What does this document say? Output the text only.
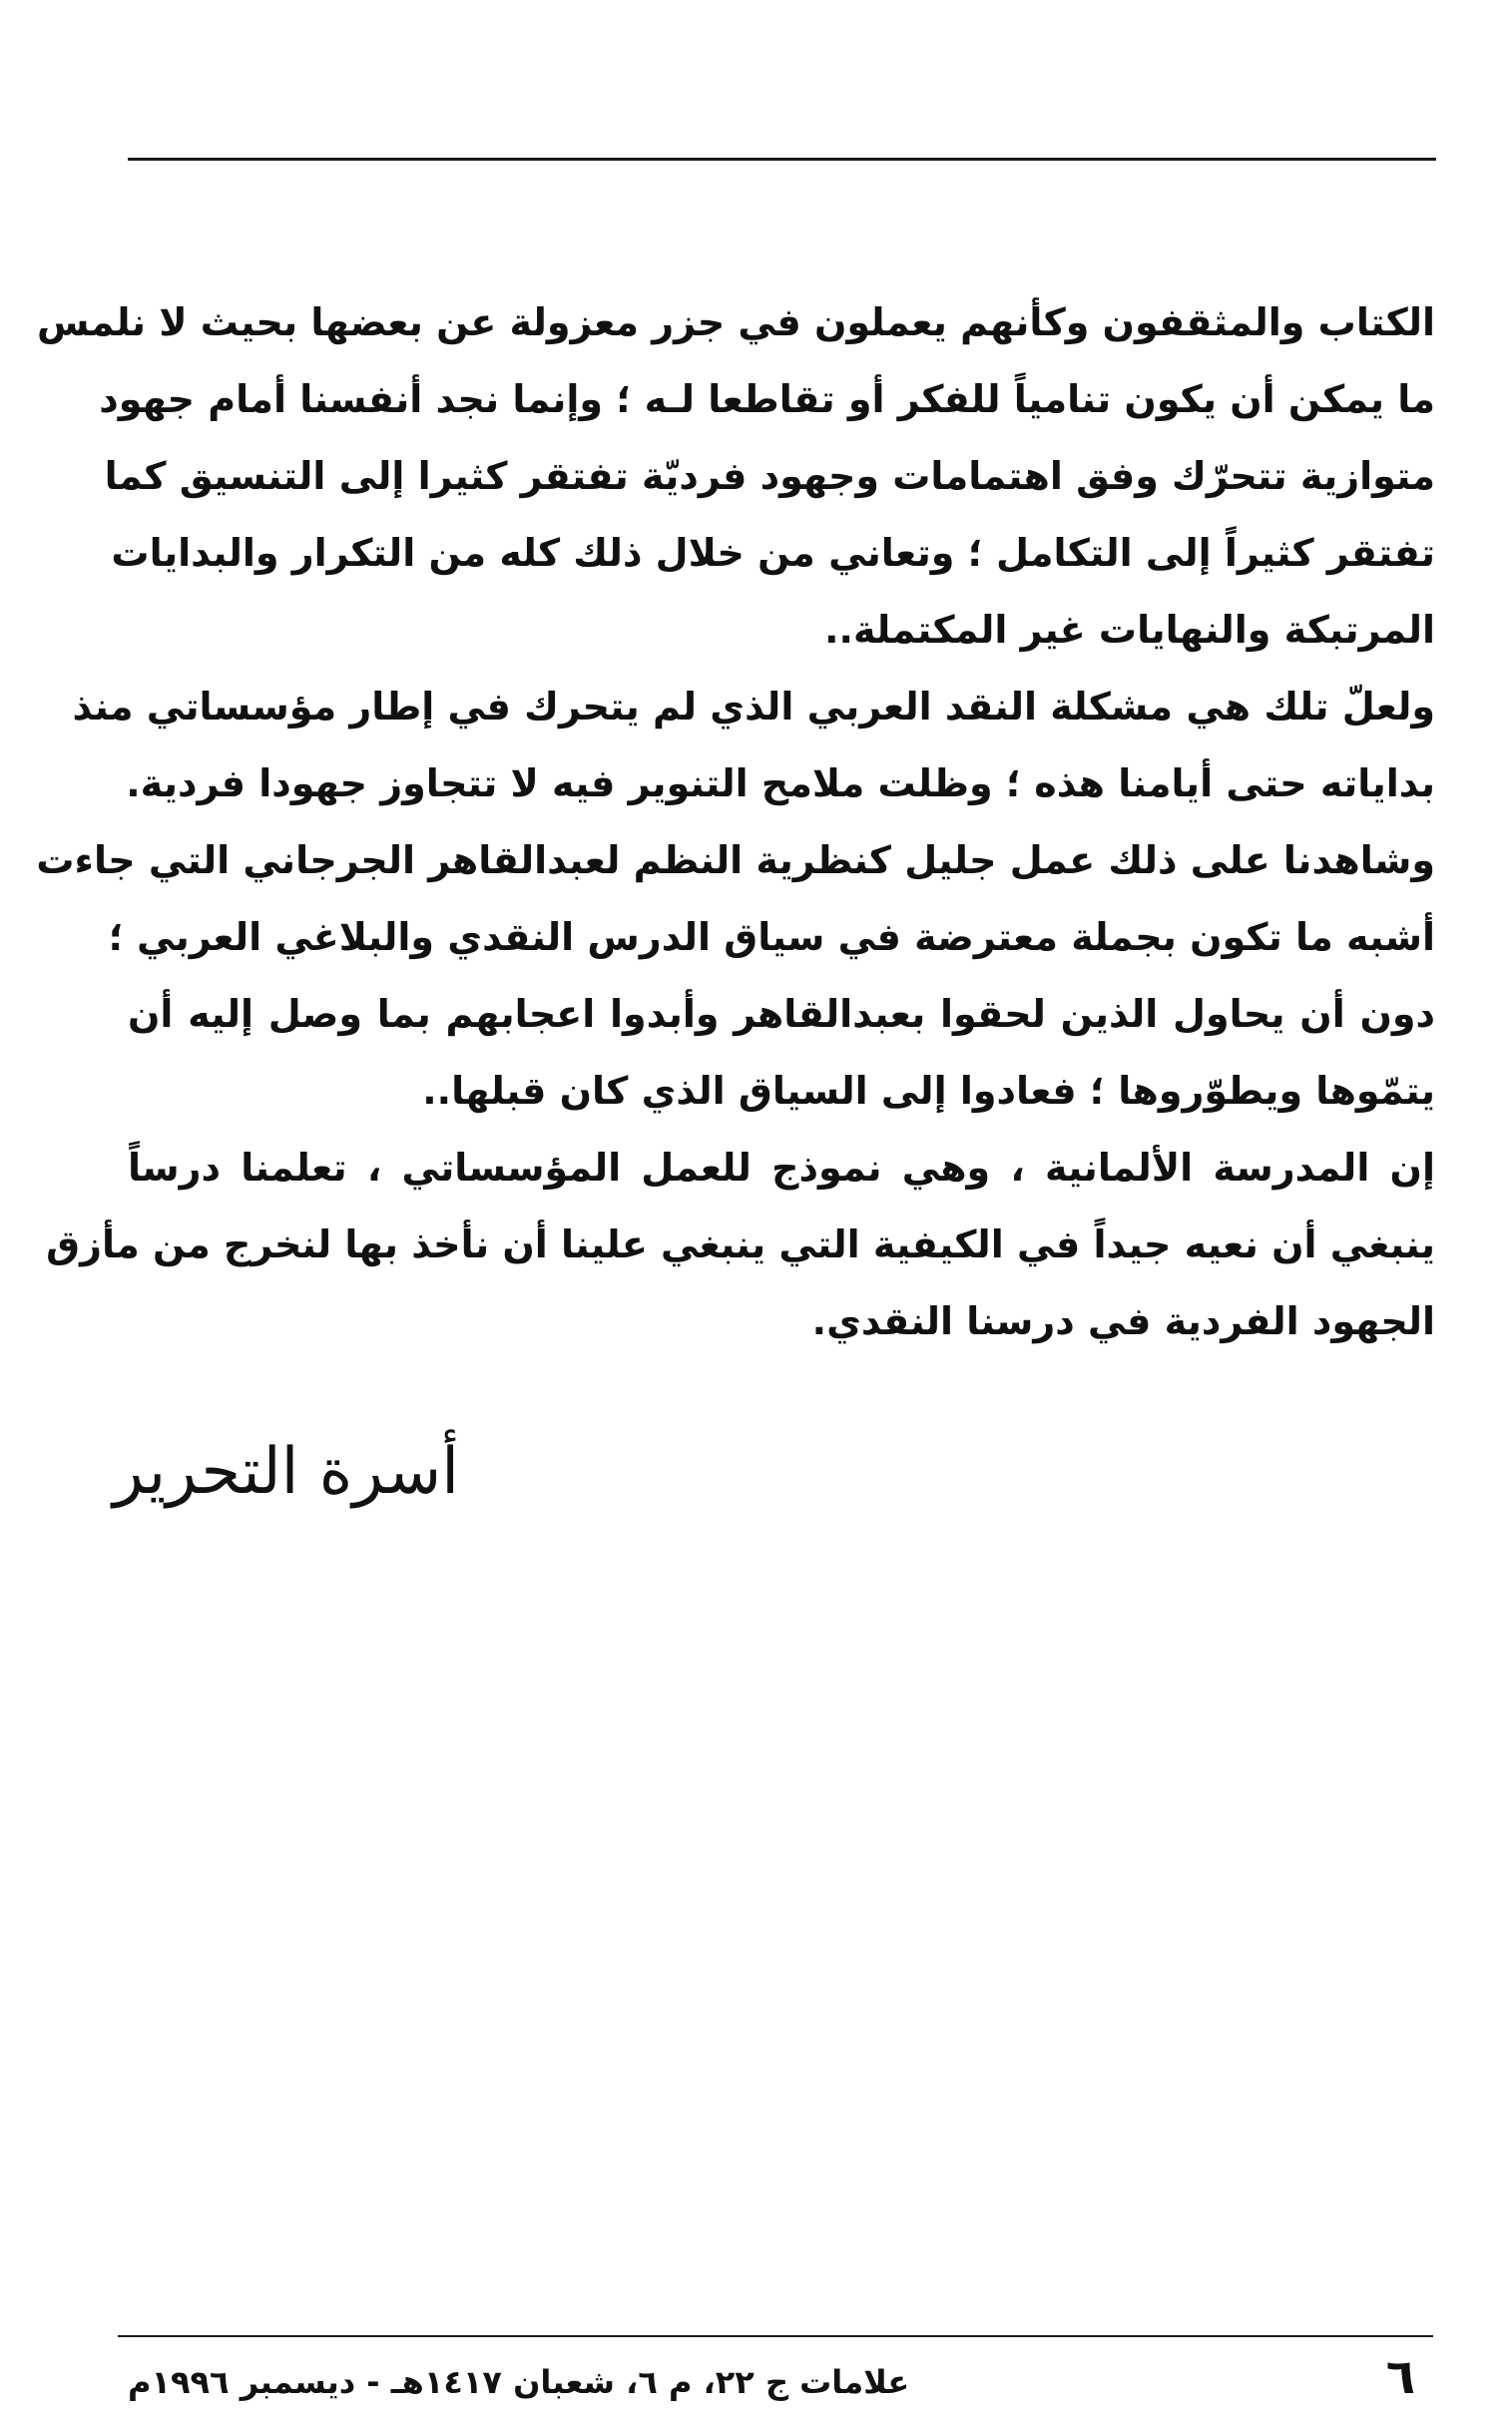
الكتاب والمثقفون وكأنهم يعملون في جزر معزولة عن بعضها بحيث لا نلمس
ما يمكن أن يكون تنامياً للفكر أو تقاطعا لـه ؛ وإنما نجد أنفسنا أمام جهود
متوازية تتحرّك وفق اهتمامات وجهود فرديّة تفتقر كثيرا إلى التنسيق كما
تفتقر كثيراً إلى التكامل ؛ وتعاني من خلال ذلك كله من التكرار والبدايات
المرتبكة والنهايات غير المكتملة..
ولعلّ تلك هي مشكلة النقد العربي الذي لم يتحرك في إطار مؤسساتي منذ
بداياته حتى أيامنا هذه ؛ وظلت ملامح التنوير فيه لا تتجاوز جهودا فردية.
وشاهدنا على ذلك عمل جليل كنظرية النظم لعبدالقاهر الجرجاني التي جاءت
أشبه ما تكون بجملة معترضة في سياق الدرس النقدي والبلاغي العربي ؛
دون أن يحاول الذين لحقوا بعبدالقاهر وأبدوا اعجابهم بما وصل إليه أن
يتمّوها ويطوّروها ؛ فعادوا إلى السياق الذي كان قبلها..
إن المدرسة الألمانية ، وهي نموذج للعمل المؤسساتي ، تعلمنا درساً
ينبغي أن نعيه جيداً في الكيفية التي ينبغي علينا أن نأخذ بها لنخرج من مأزق
الجهود الفردية في درسنا النقدي.
أسرة التحرير
علامات ج ٢٢، م ٦، شعبان ١٤١٧هـ - ديسمبر ١٩٩٦م	٦
